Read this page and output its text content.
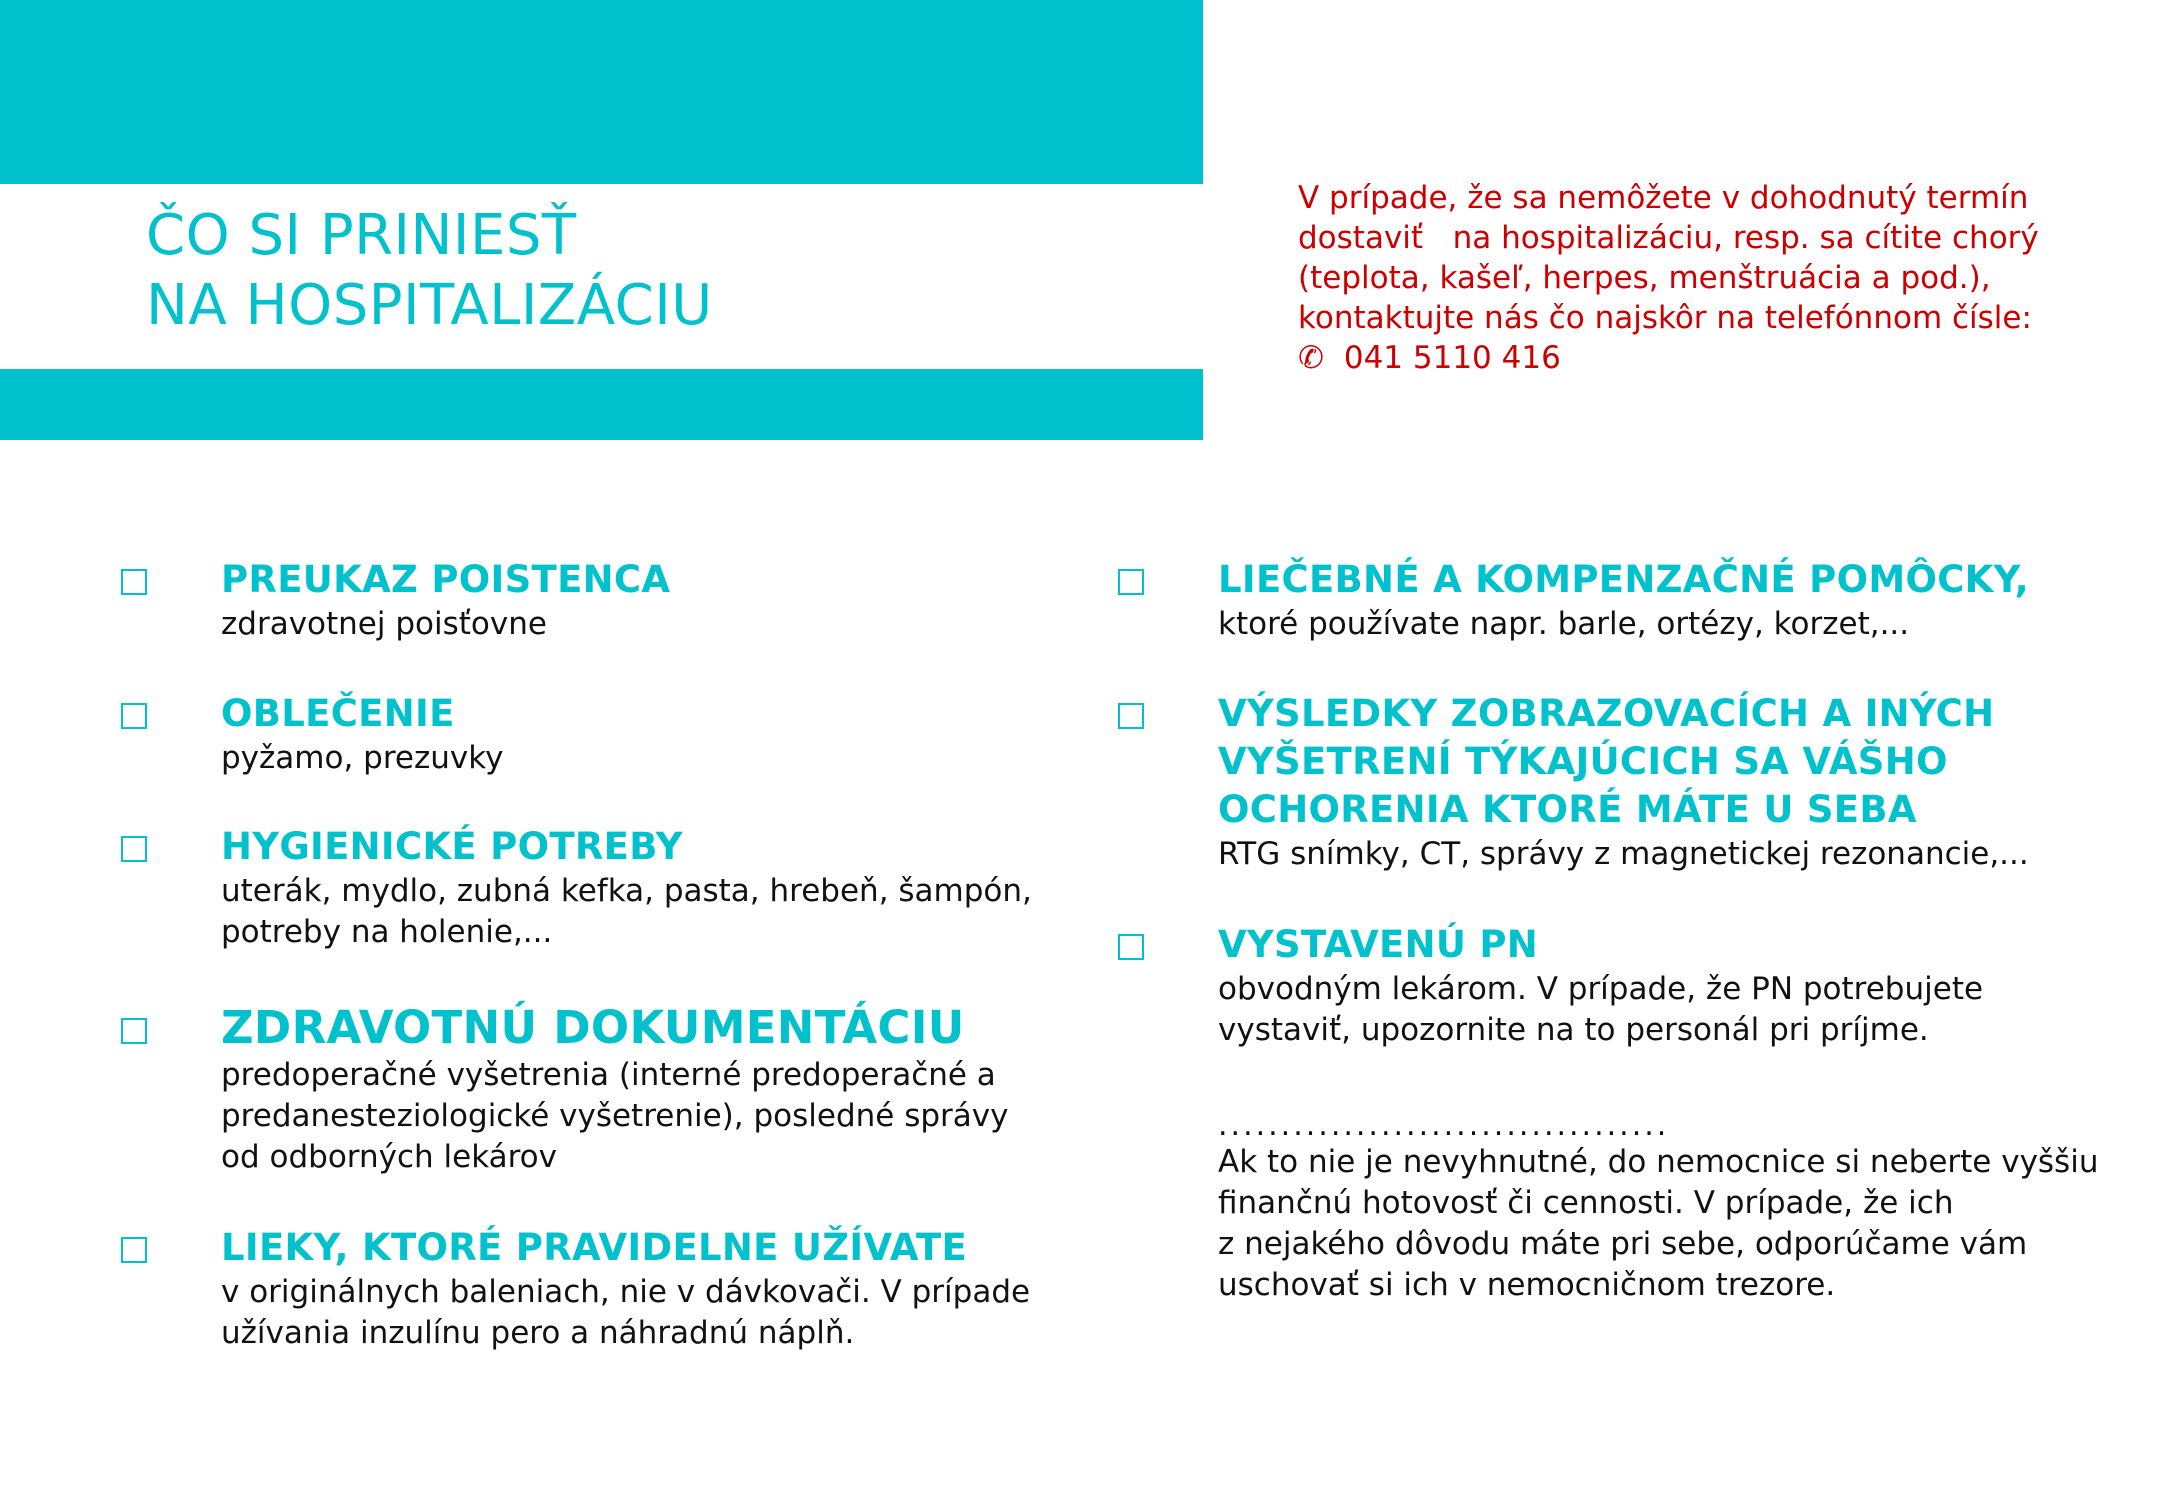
ČO SI PRINIESŤ
NA HOSPITALIZÁCIU
V prípade, že sa nemôžete v dohodnutý termín
dostaviť   na hospitalizáciu, resp. sa cítite chorý
(teplota, kašeľ, herpes, menštruácia a pod.),
kontaktujte nás čo najskôr na telefónnom čísle:
✆ 041 5110 416
PREUKAZ POISTENCA
zdravotnej poisťovne
OBLEČENIE
pyžamo, prezuvky
HYGIENICKÉ POTREBY
uterák, mydlo, zubná kefka, pasta, hrebeň, šampón,
potreby na holenie,...
ZDRAVOTNÚ DOKUMENTÁCIU
predoperačné vyšetrenia (interné predoperačné a
predanesteziologické vyšetrenie), posledné správy
od odborných lekárov
LIEKY, KTORÉ PRAVIDELNE UŽÍVATE
v originálnych baleniach, nie v dávkovači. V prípade
užívania inzulínu pero a náhradnú náplň.
LIEČEBNÉ A KOMPENZAČNÉ POMÔCKY,
ktoré používate napr. barle, ortézy, korzet,...
VÝSLEDKY ZOBRAZOVACÍCH A INÝCH
VYŠETRENÍ TÝKAJÚCICH SA VÁŠHO
OCHORENIA KTORÉ MÁTE U SEBA
RTG snímky, CT, správy z magnetickej rezonancie,...
VYSTAVENÚ PN
obvodným lekárom. V prípade, že PN potrebujete
vystaviť, upozornite na to personál pri príjme.
....................................
Ak to nie je nevyhnutné, do nemocnice si neberte vyššiu
finančnú hotovosť či cennosti. V prípade, že ich
z nejakého dôvodu máte pri sebe, odporúčame vám
uschovať si ich v nemocničnom trezore.
